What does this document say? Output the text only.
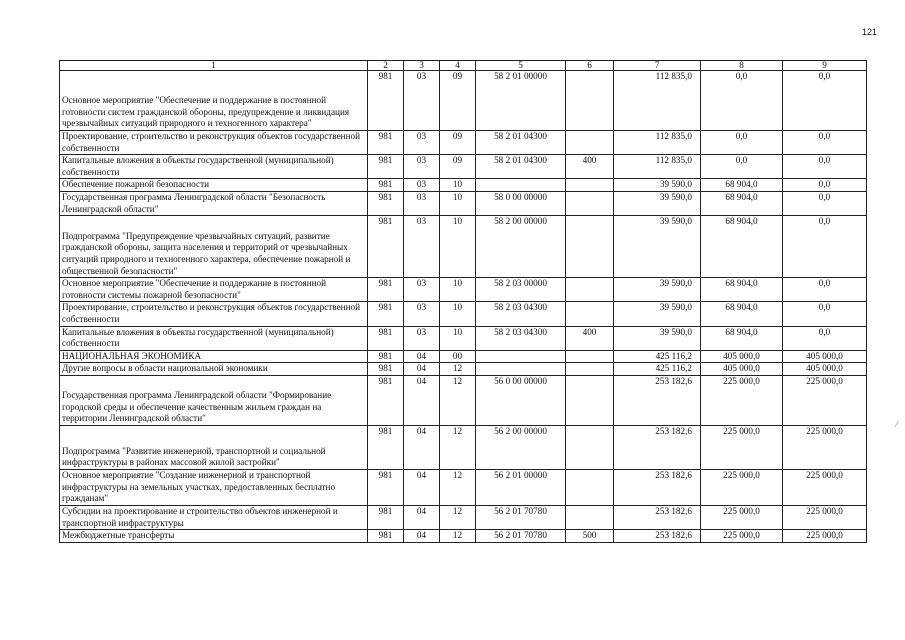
121
1	2	3	4	5	6	7	8	9
Основное мероприятие "Обеспечение и поддержание в постоянной готовности систем гражданской обороны, предупреждение и ликвидация чрезвычайных ситуаций природного и техногенного характера"	981	03	09	58 2 01 00000		112 835,0	0,0	0,0
Проектирование, строительство и реконструкция объектов государственной собственности	981	03	09	58 2 01 04300		112 835,0	0,0	0,0
Капитальные вложения в объекты государственной (муниципальной) собственности	981	03	09	58 2 01 04300	400	112 835,0	0,0	0,0
Обеспечение пожарной безопасности	981	03	10			39 590,0	68 904,0	0,0
Государственная программа Ленинградской области "Безопасность Ленинградской области"	981	03	10	58 0 00 00000		39 590,0	68 904,0	0,0
Подпрограмма "Предупреждение чрезвычайных ситуаций, развитие гражданской обороны, защита населения и территорий от чрезвычайных ситуаций природного и техногенного характера, обеспечение пожарной и общественной безопасности"	981	03	10	58 2 00 00000		39 590,0	68 904,0	0,0
Основное мероприятие "Обеспечение и поддержание в постоянной готовности системы пожарной безопасности"	981	03	10	58 2 03 00000		39 590,0	68 904,0	0,0
Проектирование, строительство и реконструкция объектов государственной собственности	981	03	10	58 2 03 04300		39 590,0	68 904,0	0,0
Капитальные вложения в объекты государственной (муниципальной) собственности	981	03	10	58 2 03 04300	400	39 590,0	68 904,0	0,0
НАЦИОНАЛЬНАЯ ЭКОНОМИКА	981	04	00			425 116,2	405 000,0	405 000,0
Другие вопросы в области национальной экономики	981	04	12			425 116,2	405 000,0	405 000,0
Государственная программа Ленинградской области "Формирование городской среды и обеспечение качественным жильем граждан на территории Ленинградской области"	981	04	12	56 0 00 00000		253 182,6	225 000,0	225 000,0
Подпрограмма "Развитие инженерной, транспортной и социальной инфраструктуры в районах массовой жилой застройки"	981	04	12	56 2 00 00000		253 182,6	225 000,0	225 000,0
Основное мероприятие "Создание инженерной и транспортной инфраструктуры на земельных участках, предоставленных бесплатно гражданам"	981	04	12	56 2 01 00000		253 182,6	225 000,0	225 000,0
Субсидии на проектирование и строительство объектов инженерной и транспортной инфраструктуры	981	04	12	56 2 01 70780		253 182,6	225 000,0	225 000,0
Межбюджетные трансферты	981	04	12	56 2 01 70780	500	253 182,6	225 000,0	225 000,0
⁄
